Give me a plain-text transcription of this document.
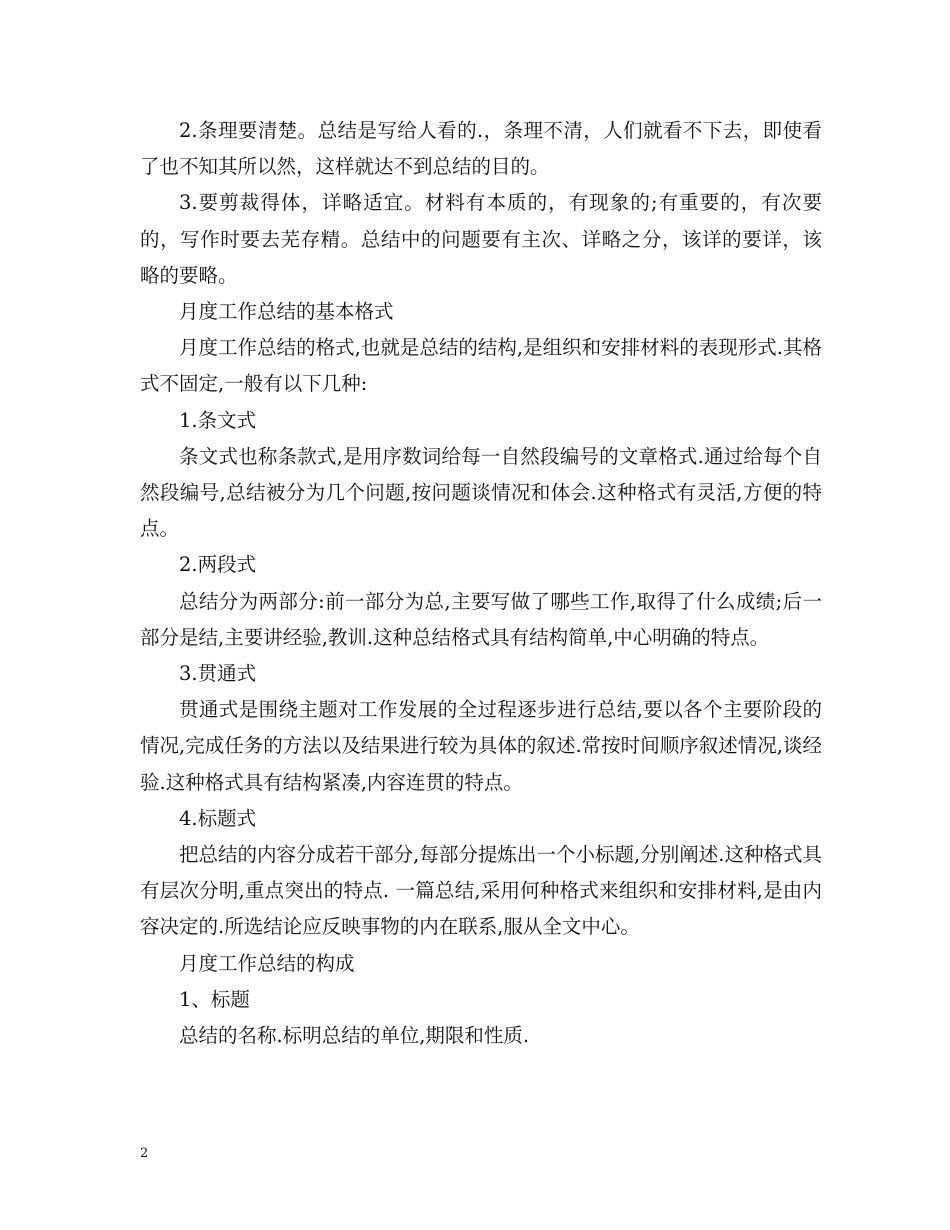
2.条理要清楚。总结是写给人看的.，条理不清，人们就看不下去，即使看了也不知其所以然，这样就达不到总结的目的。

3.要剪裁得体，详略适宜。材料有本质的，有现象的;有重要的，有次要的，写作时要去芜存精。总结中的问题要有主次、详略之分，该详的要详，该略的要略。

月度工作总结的基本格式

月度工作总结的格式,也就是总结的结构,是组织和安排材料的表现形式.其格式不固定,一般有以下几种:

1.条文式

条文式也称条款式,是用序数词给每一自然段编号的文章格式.通过给每个自然段编号,总结被分为几个问题,按问题谈情况和体会.这种格式有灵活,方便的特点。

2.两段式

总结分为两部分:前一部分为总,主要写做了哪些工作,取得了什么成绩;后一部分是结,主要讲经验,教训.这种总结格式具有结构简单,中心明确的特点。

3.贯通式

贯通式是围绕主题对工作发展的全过程逐步进行总结,要以各个主要阶段的情况,完成任务的方法以及结果进行较为具体的叙述.常按时间顺序叙述情况,谈经验.这种格式具有结构紧凑,内容连贯的特点。

4.标题式

把总结的内容分成若干部分,每部分提炼出一个小标题,分别阐述.这种格式具有层次分明,重点突出的特点. 一篇总结,采用何种格式来组织和安排材料,是由内容决定的.所选结论应反映事物的内在联系,服从全文中心。

月度工作总结的构成

1、标题

总结的名称.标明总结的单位,期限和性质.

2
